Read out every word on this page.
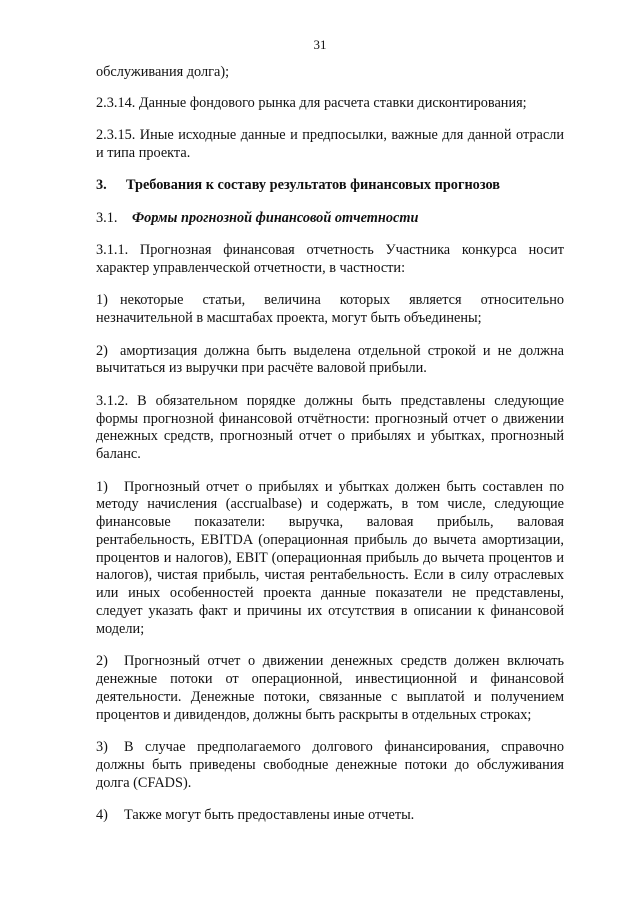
31

обслуживания долга);

2.3.14. Данные фондового рынка для расчета ставки дисконтирования;

2.3.15. Иные исходные данные и предпосылки, важные для данной отрасли и типа проекта.

3.	Требования к составу результатов финансовых прогнозов
3.1.	Формы прогнозной финансовой отчетности

3.1.1. Прогнозная финансовая отчетность Участника конкурса носит характер управленческой отчетности, в частности:

1) некоторые статьи, величина которых является относительно незначительной в масштабах проекта, могут быть объединены;

2) амортизация должна быть выделена отдельной строкой и не должна вычитаться из выручки при расчёте валовой прибыли.

3.1.2. В обязательном порядке должны быть представлены следующие формы прогнозной финансовой отчётности: прогнозный отчет о движении денежных средств, прогнозный отчет о прибылях и убытках, прогнозный баланс.

1) Прогнозный отчет о прибылях и убытках должен быть составлен по методу начисления (accrualbase) и содержать, в том числе, следующие финансовые показатели: выручка, валовая прибыль, валовая рентабельность, EBITDA (операционная прибыль до вычета амортизации, процентов и налогов), EBIT (операционная прибыль до вычета процентов и налогов), чистая прибыль, чистая рентабельность. Если в силу отраслевых или иных особенностей проекта данные показатели не представлены, следует указать факт и причины их отсутствия в описании к финансовой модели;

2) Прогнозный отчет о движении денежных средств должен включать денежные потоки от операционной, инвестиционной и финансовой деятельности. Денежные потоки, связанные с выплатой и получением процентов и дивидендов, должны быть раскрыты в отдельных строках;

3) В случае предполагаемого долгового финансирования, справочно должны быть приведены свободные денежные потоки до обслуживания долга (CFADS).

4) Также могут быть предоставлены иные отчеты.
